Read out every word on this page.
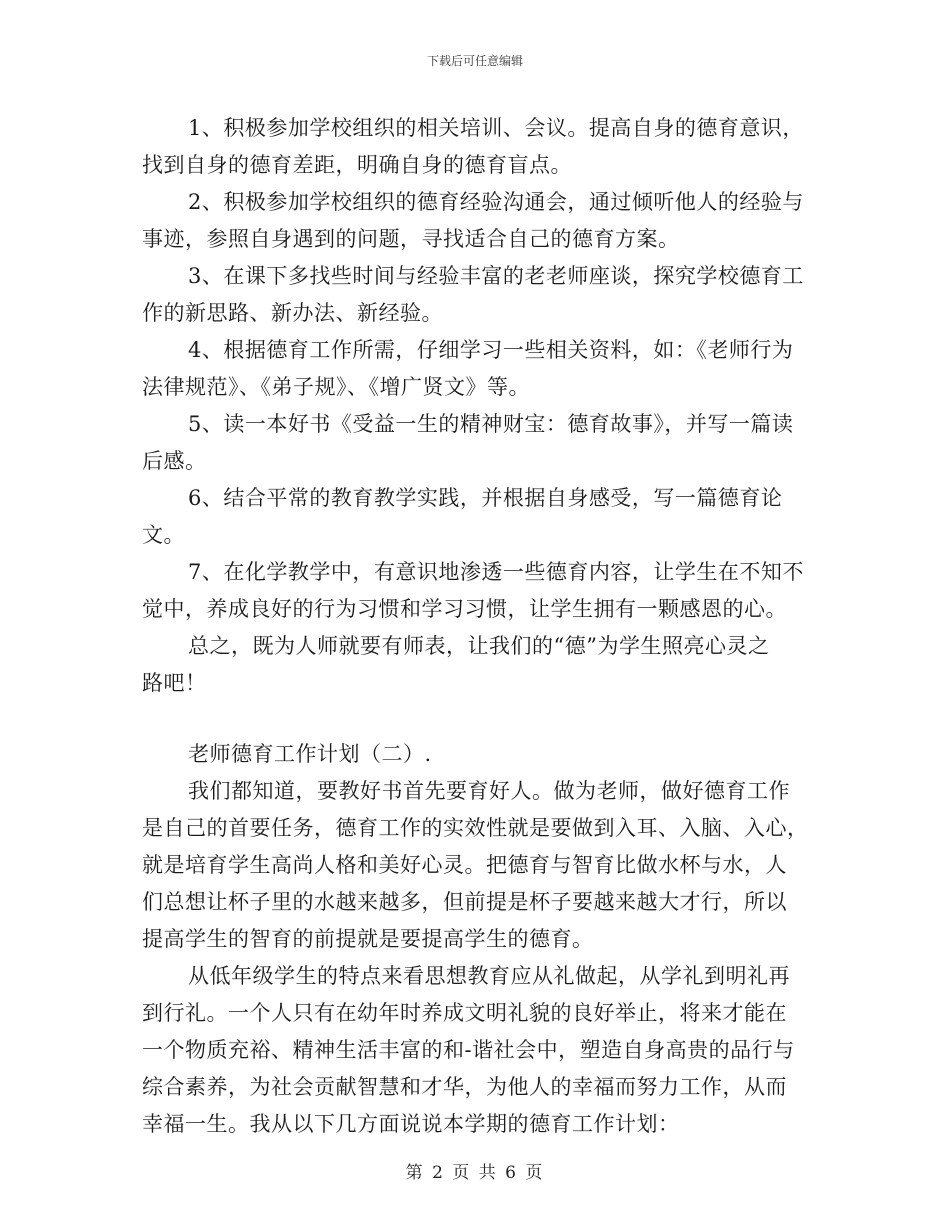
下载后可任意编辑

1、积极参加学校组织的相关培训、会议。提高自身的德育意识，
找到自身的德育差距，明确自身的德育盲点。

2、积极参加学校组织的德育经验沟通会，通过倾听他人的经验与
事迹，参照自身遇到的问题，寻找适合自己的德育方案。

3、在课下多找些时间与经验丰富的老老师座谈，探究学校德育工
作的新思路、新办法、新经验。

4、根据德育工作所需，仔细学习一些相关资料，如：《老师行为
法律规范》、《弟子规》、《增广贤文》等。

5、读一本好书《受益一生的精神财宝：德育故事》，并写一篇读
后感。

6、结合平常的教育教学实践，并根据自身感受，写一篇德育论文。

7、在化学教学中，有意识地渗透一些德育内容，让学生在不知不
觉中，养成良好的行为习惯和学习习惯，让学生拥有一颗感恩的心。

总之，既为人师就要有师表，让我们的“德”为学生照亮心灵之
路吧！

老师德育工作计划（二）.

我们都知道，要教好书首先要育好人。做为老师，做好德育工作
是自己的首要任务，德育工作的实效性就是要做到入耳、入脑、入心，
就是培育学生高尚人格和美好心灵。把德育与智育比做水杯与水，人
们总想让杯子里的水越来越多，但前提是杯子要越来越大才行，所以
提高学生的智育的前提就是要提高学生的德育。

从低年级学生的特点来看思想教育应从礼做起，从学礼到明礼再
到行礼。一个人只有在幼年时养成文明礼貌的良好举止，将来才能在
一个物质充裕、精神生活丰富的和-谐社会中，塑造自身高贵的品行与
综合素养，为社会贡献智慧和才华，为他人的幸福而努力工作，从而
幸福一生。我从以下几方面说说本学期的德育工作计划：

第 2 页 共 6 页
